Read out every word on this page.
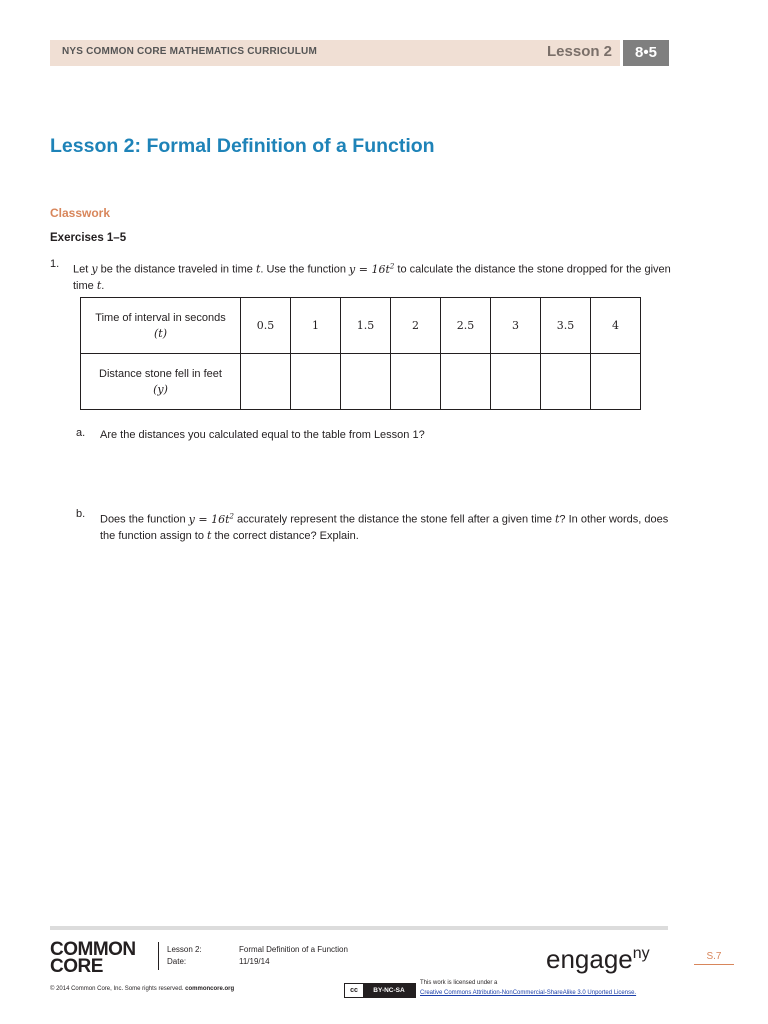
NYS COMMON CORE MATHEMATICS CURRICULUM	Lesson 2	8•5
Lesson 2: Formal Definition of a Function
Classwork
Exercises 1–5
1. Let y be the distance traveled in time t. Use the function $y = 16t^2$ to calculate the distance the stone dropped for the given time t.
Time of interval in seconds
(t)	0.5	1	1.5	2	2.5	3	3.5	4
Distance stone fell in feet
(y)								
a. Are the distances you calculated equal to the table from Lesson 1?
b. Does the function $y = 16t^2$ accurately represent the distance the stone fell after a given time t? In other words, does the function assign to t the correct distance? Explain.
COMMON
CORE
Lesson 2:	Formal Definition of a Function
Date:	11/19/14	engage$^{ny}$	S.7
© 2014 Common Core, Inc. Some rights reserved. commoncore.org	cc	BY-NC-SA
This work is licensed under a
Creative Commons Attribution-NonCommercial-ShareAlike 3.0 Unported License.
